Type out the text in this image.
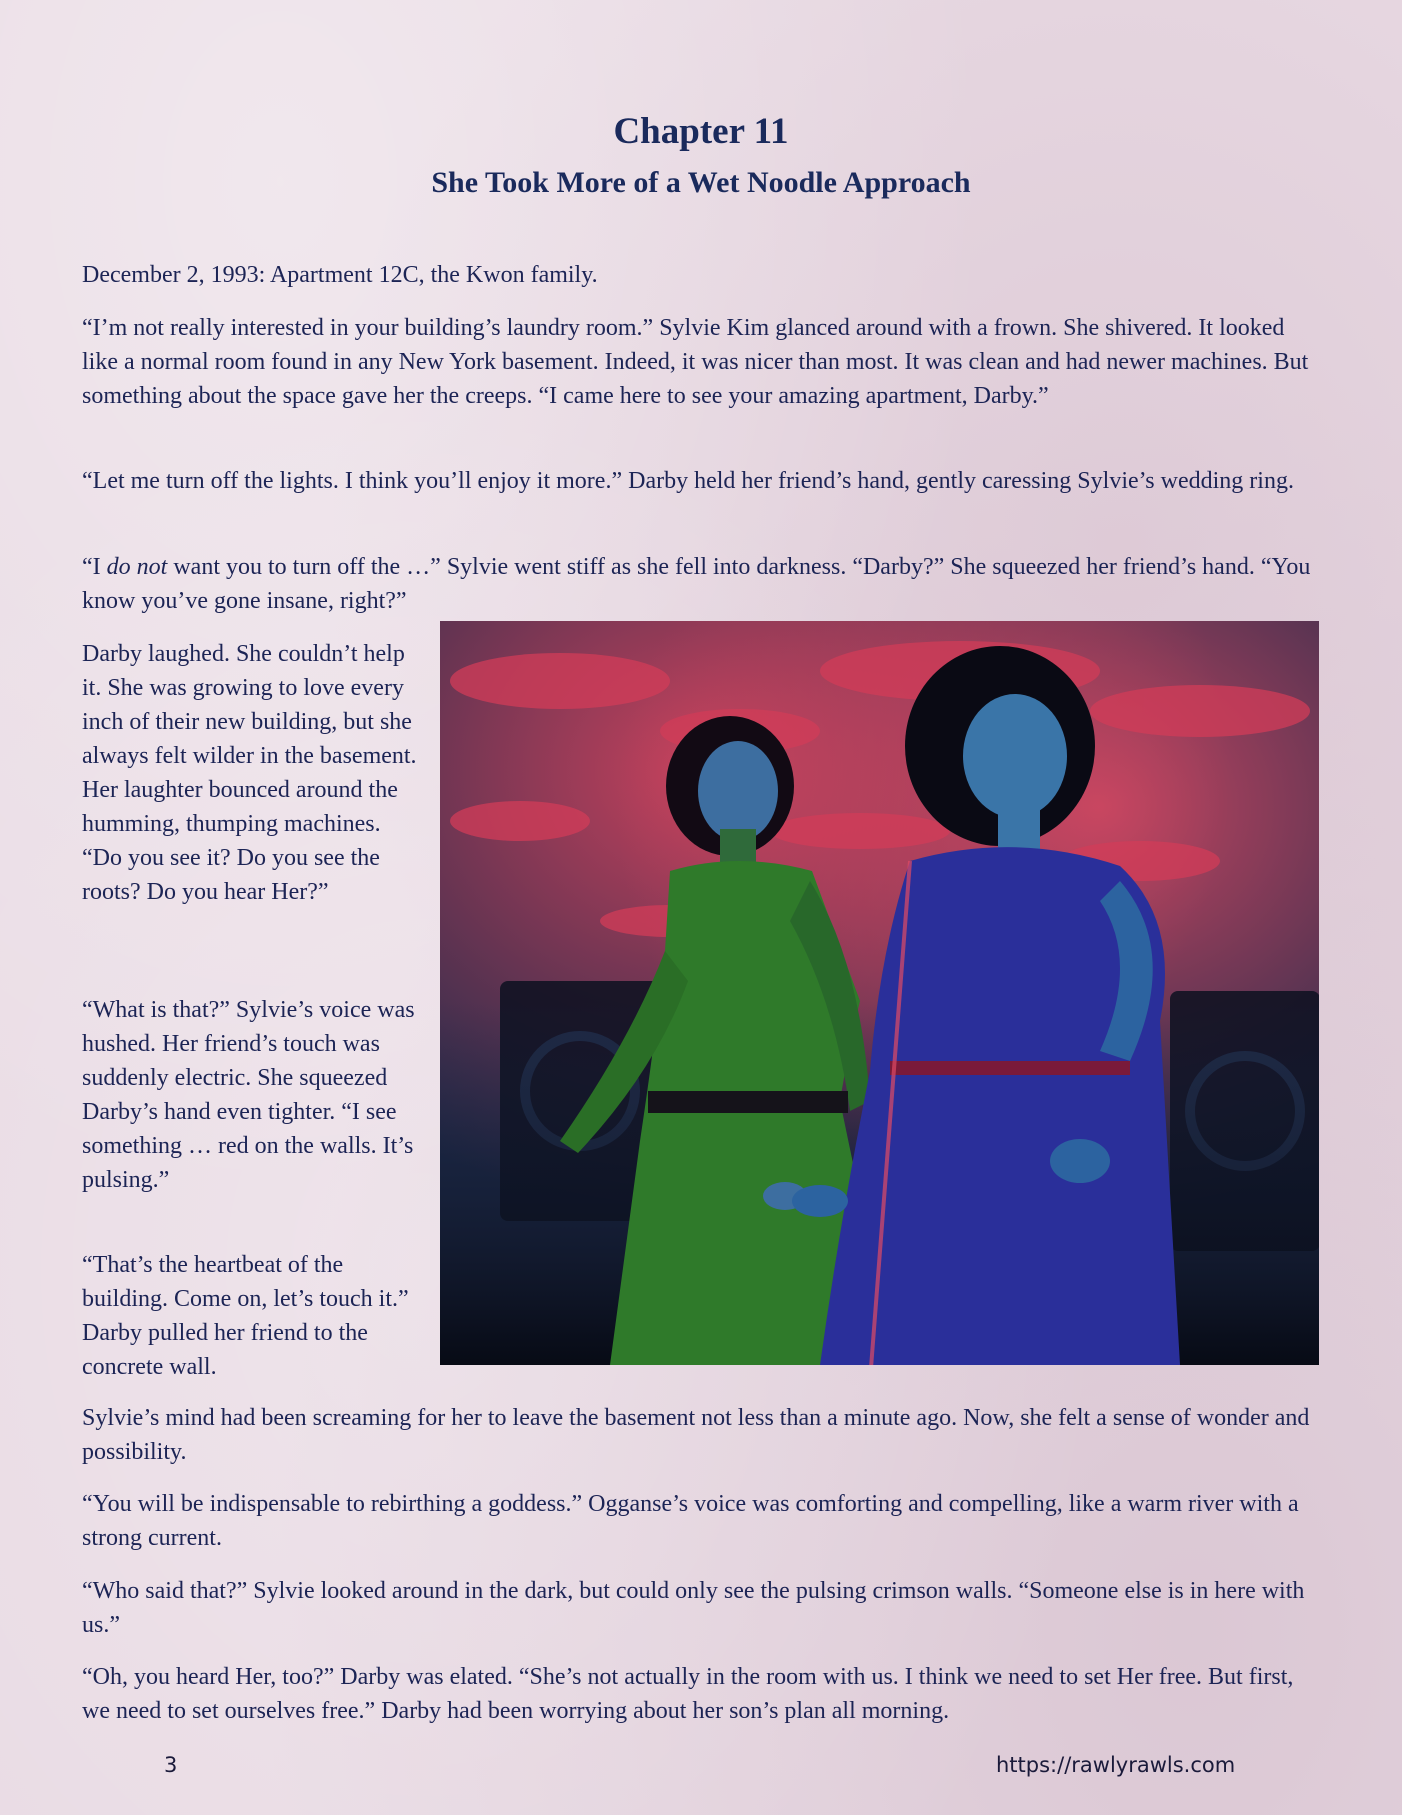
Chapter 11
She Took More of a Wet Noodle Approach

December 2, 1993: Apartment 12C, the Kwon family.

“I’m not really interested in your building’s laundry room.” Sylvie Kim glanced around with a frown. She shivered. It looked like a normal room found in any New York basement. Indeed, it was nicer than most. It was clean and had newer machines. But something about the space gave her the creeps. “I came here to see your amazing apartment, Darby.”

“Let me turn off the lights. I think you’ll enjoy it more.” Darby held her friend’s hand, gently caressing Sylvie’s wedding ring.

“I do not want you to turn off the …” Sylvie went stiff as she fell into darkness. “Darby?” She squeezed her friend’s hand. “You know you’ve gone insane, right?”

Darby laughed. She couldn’t help it. She was growing to love every inch of their new building, but she always felt wilder in the basement. Her laughter bounced around the humming, thumping machines. “Do you see it? Do you see the roots? Do you hear Her?”

“What is that?” Sylvie’s voice was hushed. Her friend’s touch was suddenly electric. She squeezed Darby’s hand even tighter. “I see something … red on the walls. It’s pulsing.”

“That’s the heartbeat of the building. Come on, let’s touch it.” Darby pulled her friend to the concrete wall.

Sylvie’s mind had been screaming for her to leave the basement not less than a minute ago. Now, she felt a sense of wonder and possibility.

“You will be indispensable to rebirthing a goddess.” Ogganse’s voice was comforting and compelling, like a warm river with a strong current.

“Who said that?” Sylvie looked around in the dark, but could only see the pulsing crimson walls. “Someone else is in here with us.”

“Oh, you heard Her, too?” Darby was elated. “She’s not actually in the room with us. I think we need to set Her free. But first, we need to set ourselves free.” Darby had been worrying about her son’s plan all morning.

3	https://rawlyrawls.com
